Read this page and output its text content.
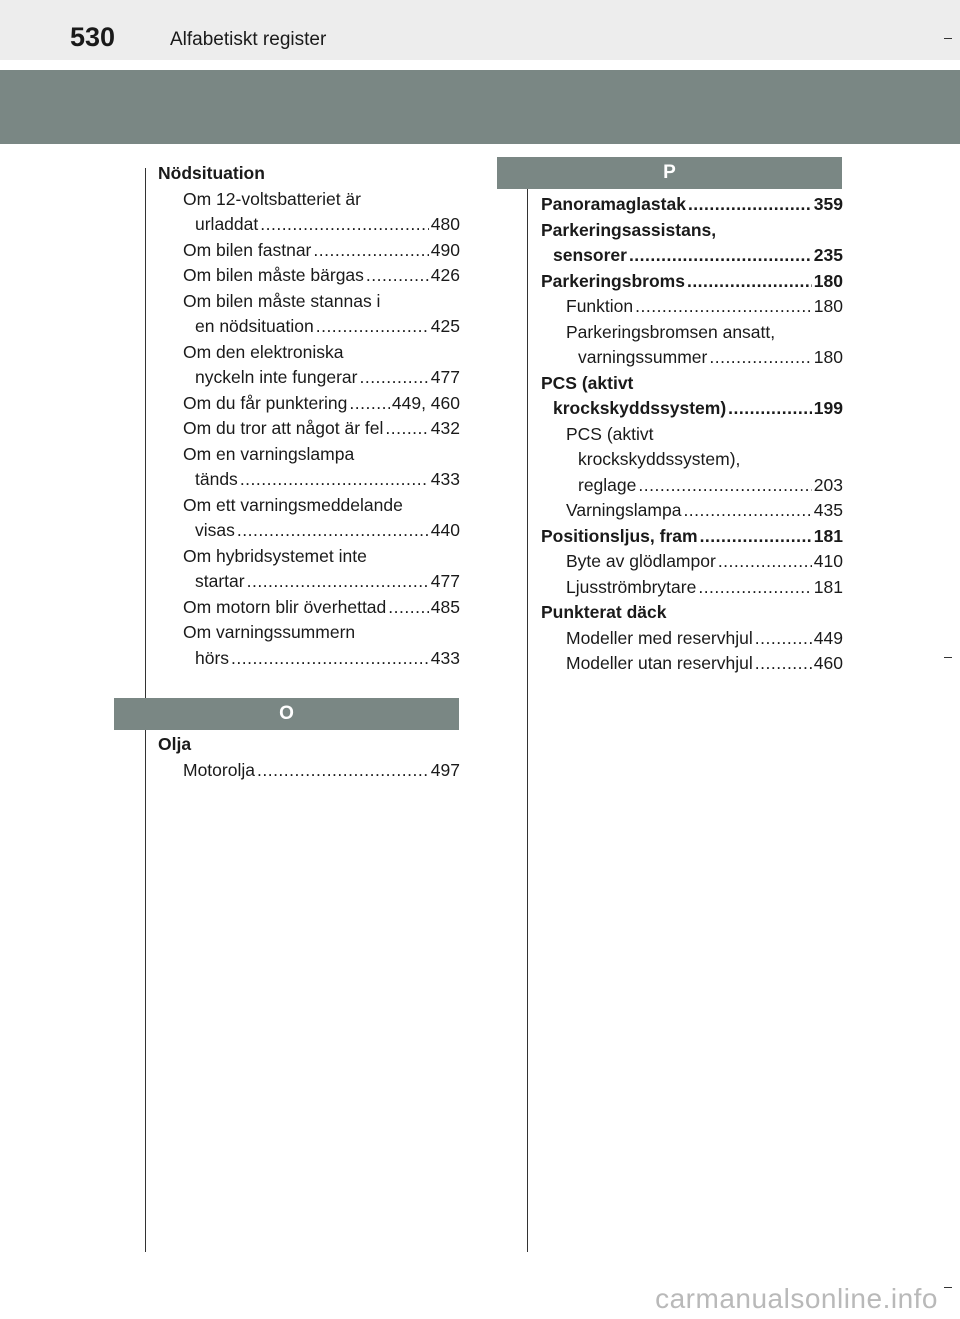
530	Alfabetiskt register
Nödsituation
Om 12-voltsbatteriet är
urladdat .....	480
Om bilen fastnar .....	490
Om bilen måste bärgas .....	426
Om bilen måste stannas i
en nödsituation .....	425
Om den elektroniska
nyckeln inte fungerar .....	477
Om du får punktering .....	449, 460
Om du tror att något är fel .....	432
Om en varningslampa
tänds .....	433
Om ett varningsmeddelande
visas .....	440
Om hybridsystemet inte
startar .....	477
Om motorn blir överhettad .....	485
Om varningssummern
hörs .....	433
O
Olja
Motorolja .....	497
P
Panoramaglastak .....	359
Parkeringsassistans,
sensorer .....	235
Parkeringsbroms .....	180
Funktion .....	180
Parkeringsbromsen ansatt,
varningssummer .....	180
PCS (aktivt
krockskyddssystem) .....	199
PCS (aktivt
krockskyddssystem),
reglage .....	203
Varningslampa .....	435
Positionsljus, fram .....	181
Byte av glödlampor .....	410
Ljusströmbrytare .....	181
Punkterat däck
Modeller med reservhjul .....	449
Modeller utan reservhjul .....	460
carmanualsonline.info
